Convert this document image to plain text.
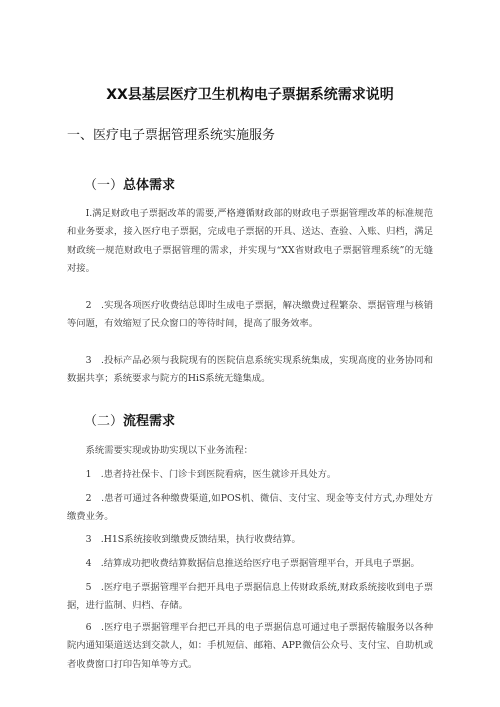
XX县基层医疗卫生机构电子票据系统需求说明
一、医疗电子票据管理系统实施服务
（一）总体需求

I.满足财政电子票据改革的需要,严格遵循财政部的财政电子票据管理改革的标准规范和业务要求，接入医疗电子票据，完成电子票据的开具、送达、查验、入账、归档，满足财政统一规范财政电子票据管理的需求，并实现与“XX省财政电子票据管理系统”的无缝对接。

2　.实现各项医疗收费结总即时生成电子票据，解决缴费过程繁杂、票据管理与核销等问题，有效缩短了民众窗口的等待时间，提高了服务效率。

3　.投标产品必须与我院现有的医院信息系统实现系统集成，实现高度的业务协同和数据共享；系统要求与院方的HiS系统无缝集成。

（二）流程需求

系统需要实现或协助实现以下业务流程：

1　.患者持社保卡、门诊卡到医院看病，医生就诊开具处方。

2　.患者可通过各种缴费渠道,如POS机、微信、支付宝、现金等支付方式,办理处方缴费业务。

3　.H1S系统接收到缴费反馈结果，执行收费结算。

4　.结算成功把收费结算数据信息推送给医疗电子票据管理平台，开具电子票据。

5　.医疗电子票据管理平台把开具电子票据信息上传财政系统,财政系统接收到电子票据，进行监制、归档、存储。

6　.医疗电子票据管理平台把已开具的电子票据信息可通过电子票据传输服务以各种院内通知渠道送达到交款人，如：手机短信、邮箱、APP.微信公众号、支付宝、自助机或者收费窗口打印告知单等方式。
